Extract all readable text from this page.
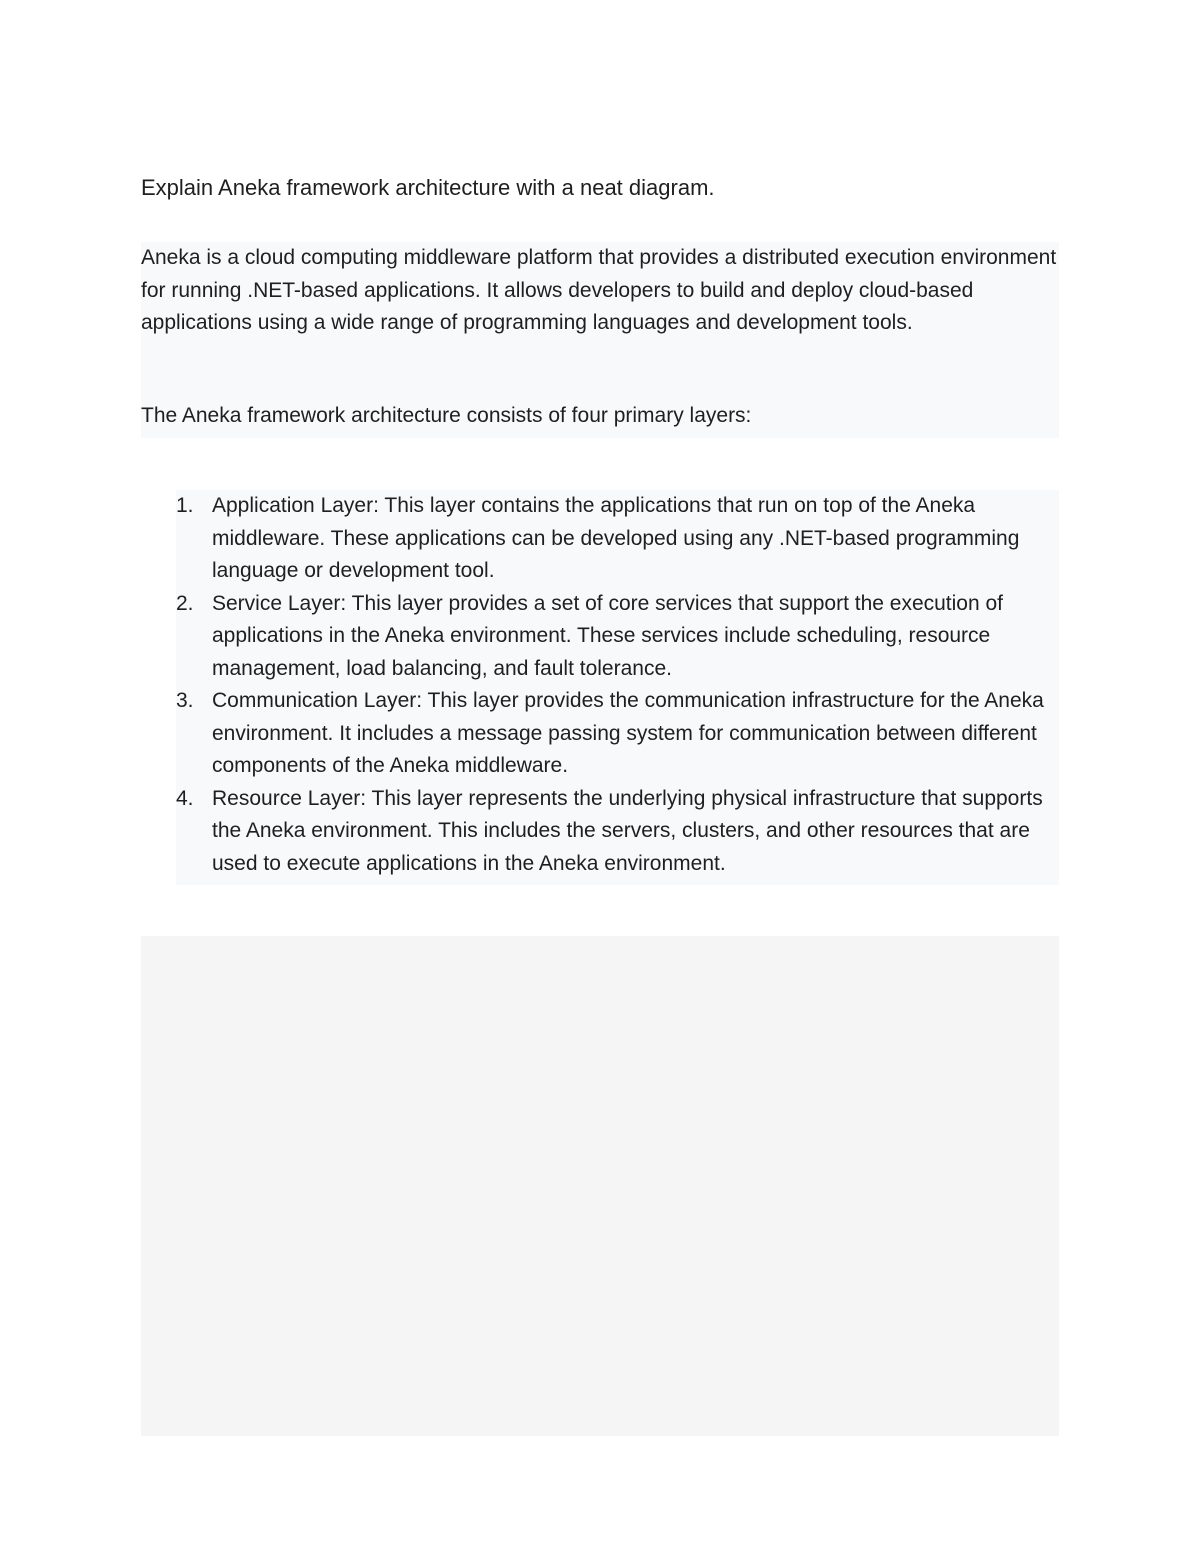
Explain Aneka framework architecture with a neat diagram.

Aneka is a cloud computing middleware platform that provides a distributed execution environment for running .NET-based applications. It allows developers to build and deploy cloud-based applications using a wide range of programming languages and development tools.

The Aneka framework architecture consists of four primary layers:

1. Application Layer: This layer contains the applications that run on top of the Aneka middleware. These applications can be developed using any .NET-based programming language or development tool.
2. Service Layer: This layer provides a set of core services that support the execution of applications in the Aneka environment. These services include scheduling, resource management, load balancing, and fault tolerance.
3. Communication Layer: This layer provides the communication infrastructure for the Aneka environment. It includes a message passing system for communication between different components of the Aneka middleware.
4. Resource Layer: This layer represents the underlying physical infrastructure that supports the Aneka environment. This includes the servers, clusters, and other resources that are used to execute applications in the Aneka environment.
